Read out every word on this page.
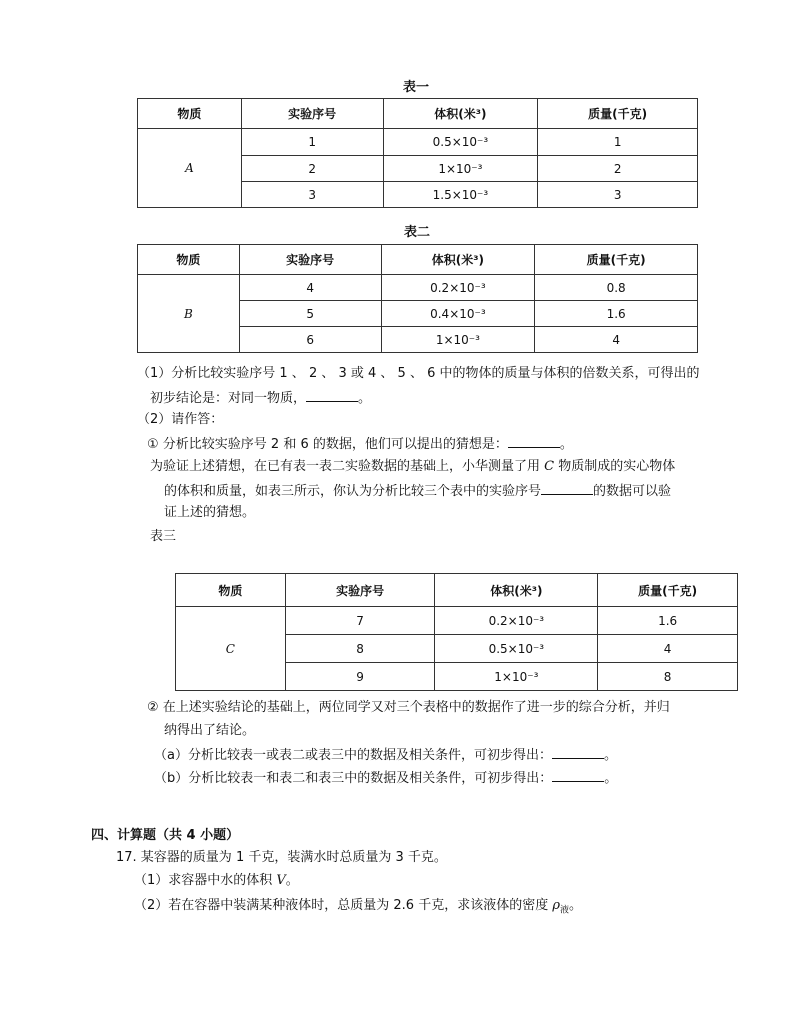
表一
物质	实验序号	体积(米³)	质量(千克)
A	1	0.5×10⁻³	1
	2	1×10⁻³	2
	3	1.5×10⁻³	3
表二
物质	实验序号	体积(米³)	质量(千克)
B	4	0.2×10⁻³	0.8
	5	0.4×10⁻³	1.6
	6	1×10⁻³	4
（1）分析比较实验序号 1 、 2 、 3 或 4 、 5 、 6 中的物体的质量与体积的倍数关系，可得出的
初步结论是：对同一物质，	。
（2）请作答：
① 分析比较实验序号 2 和 6 的数据，他们可以提出的猜想是：	。
为验证上述猜想，在已有表一表二实验数据的基础上，小华测量了用 C 物质制成的实心物体
的体积和质量，如表三所示，你认为分析比较三个表中的实验序号	的数据可以验
证上述的猜想。
表三
物质	实验序号	体积(米³)	质量(千克)
C	7	0.2×10⁻³	1.6
	8	0.5×10⁻³	4
	9	1×10⁻³	8
② 在上述实验结论的基础上，两位同学又对三个表格中的数据作了进一步的综合分析，并归
纳得出了结论。
（a）分析比较表一或表二或表三中的数据及相关条件，可初步得出：	。
（b）分析比较表一和表二和表三中的数据及相关条件，可初步得出：	。
四、计算题（共 4 小题）
17. 某容器的质量为 1 千克，装满水时总质量为 3 千克。
（1）求容器中水的体积 V。
（2）若在容器中装满某种液体时，总质量为 2.6 千克，求该液体的密度 $\rho_液$。
